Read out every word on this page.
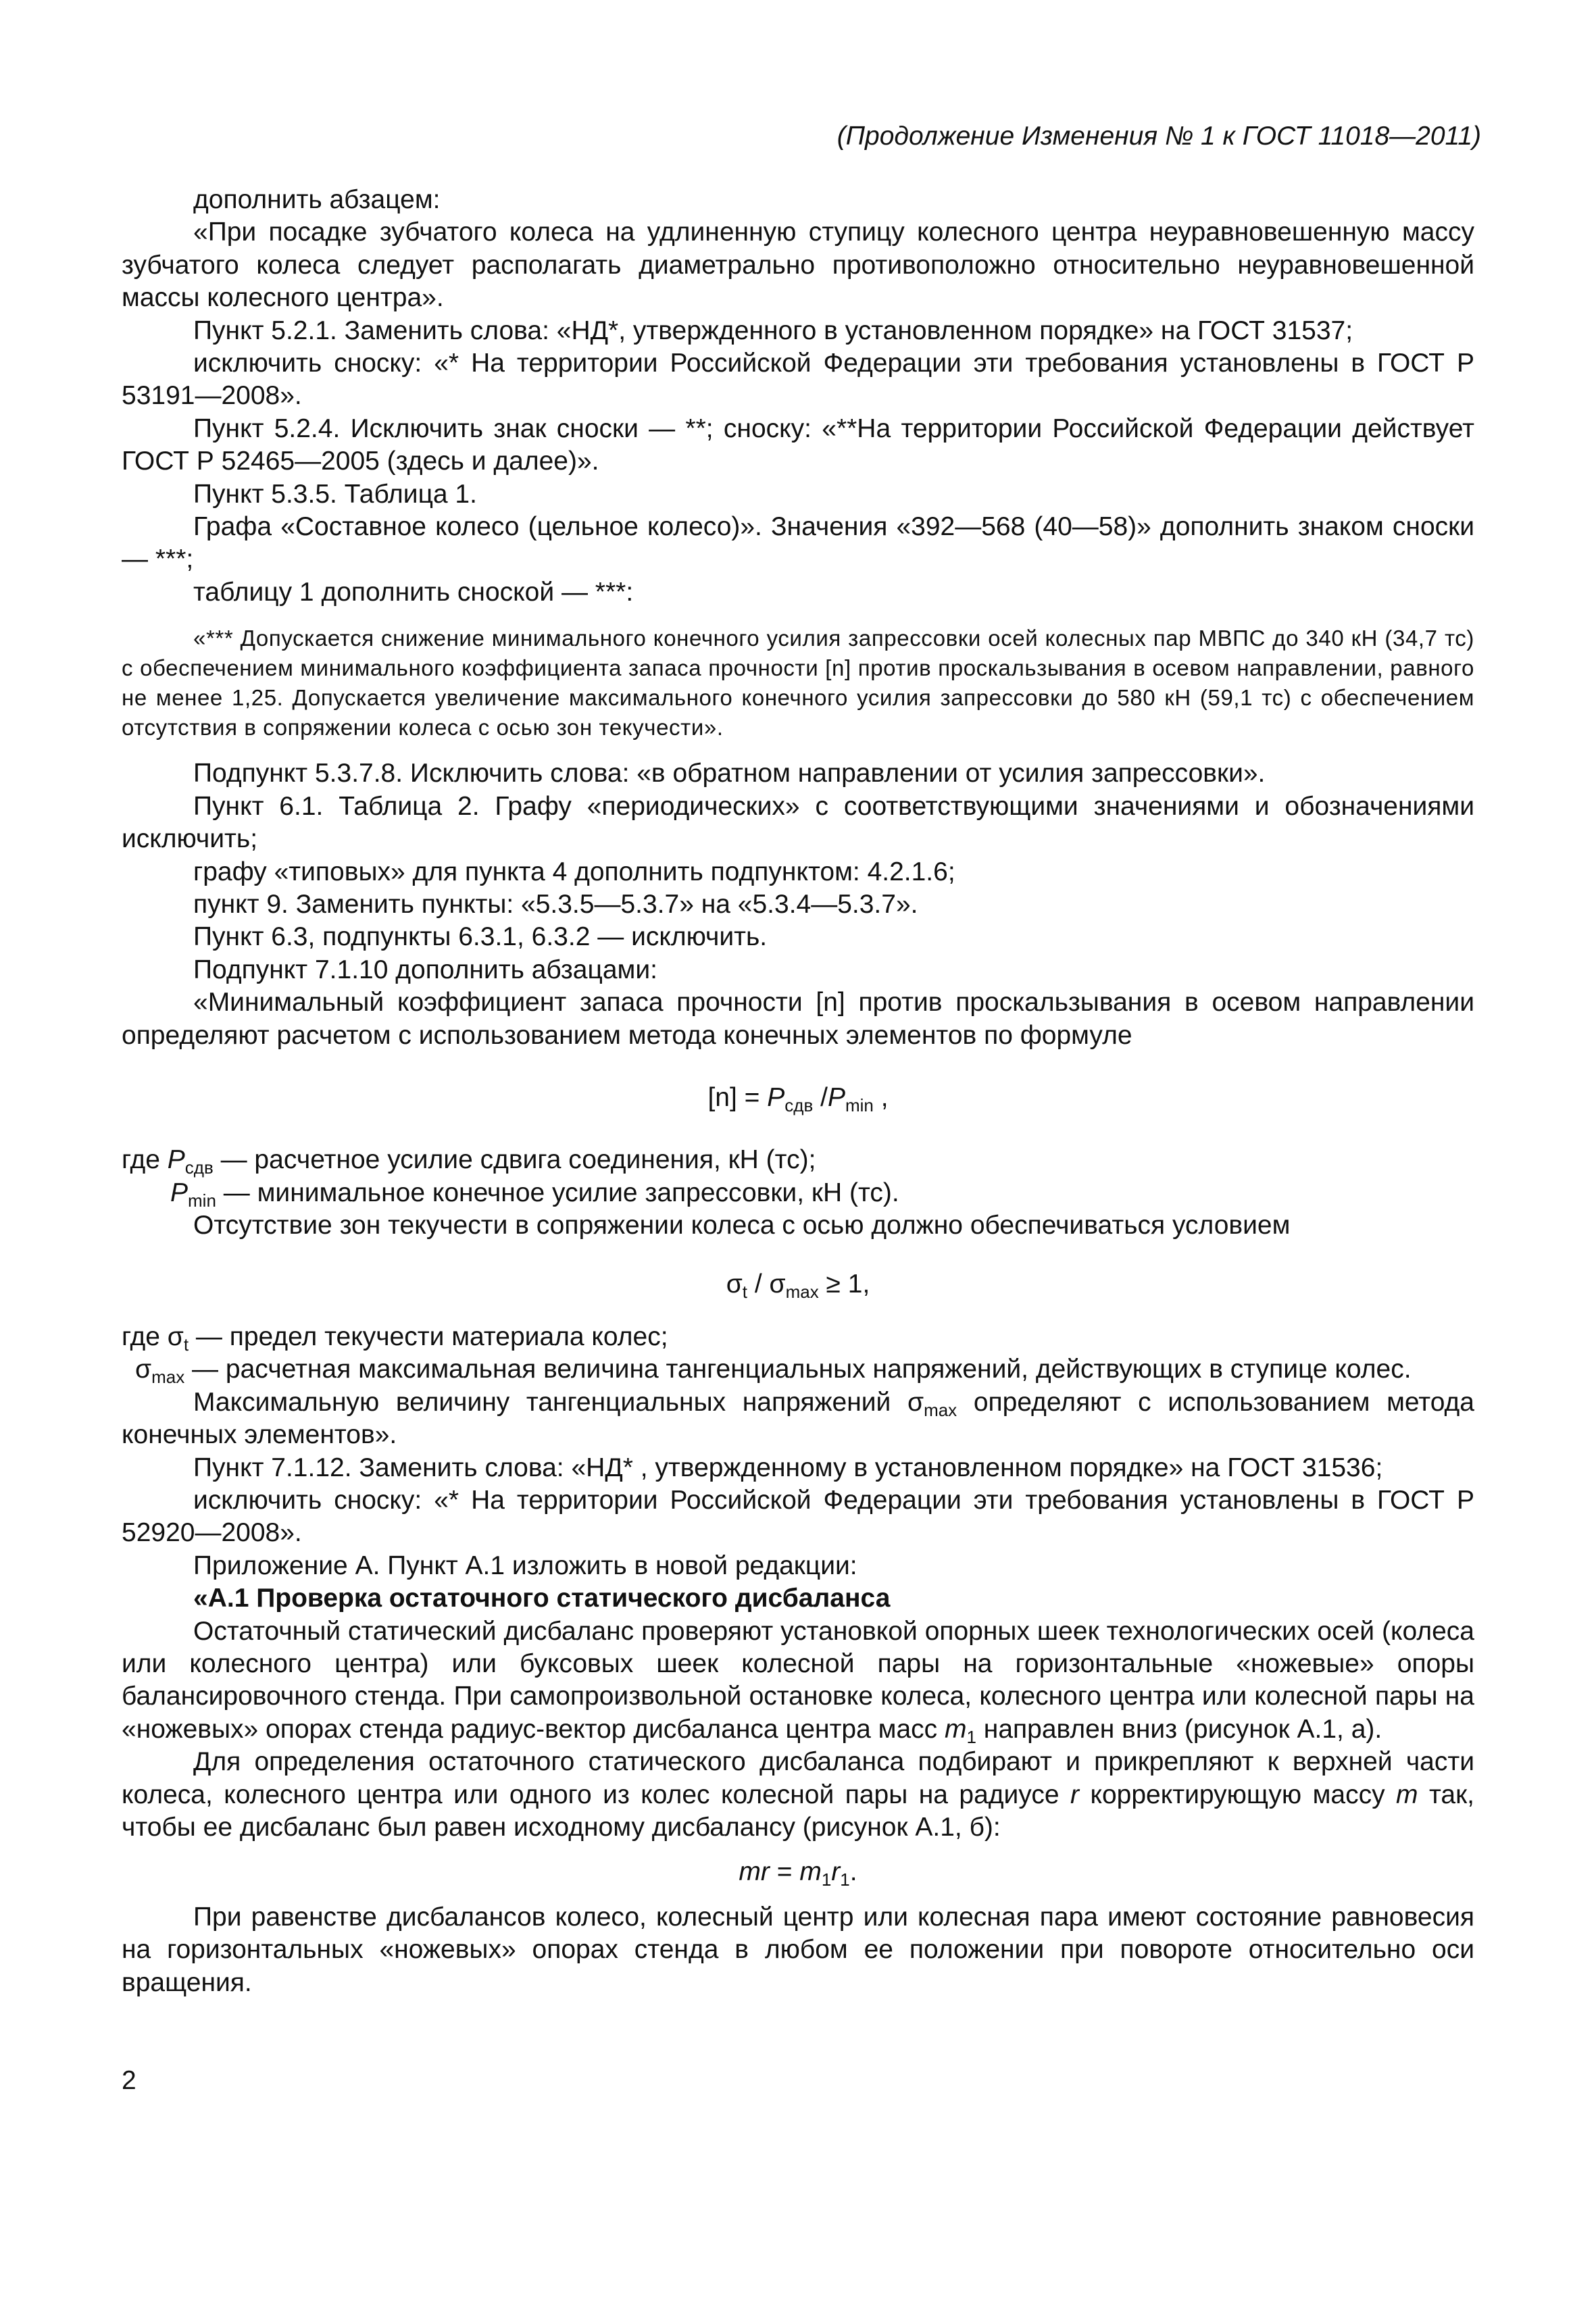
(Продолжение Изменения № 1 к ГОСТ 11018—2011)

дополнить абзацем:

«При посадке зубчатого колеса на удлиненную ступицу колесного центра неуравновешенную массу зубчатого колеса следует располагать диаметрально противоположно относительно неуравновешенной массы колесного центра».

Пункт 5.2.1. Заменить слова: «НД*, утвержденного в установленном порядке» на ГОСТ 31537;

исключить сноску: «* На территории Российской Федерации эти требования установлены в ГОСТ Р 53191—2008».

Пункт 5.2.4. Исключить знак сноски — **; сноску: «**На территории Российской Федерации действует ГОСТ Р 52465—2005 (здесь и далее)».

Пункт 5.3.5. Таблица 1.

Графа «Составное колесо (цельное колесо)». Значения «392—568 (40—58)» дополнить знаком сноски — ***;

таблицу 1 дополнить сноской — ***:

«*** Допускается снижение минимального конечного усилия запрессовки осей колесных пар МВПС до 340 кН (34,7 тс) с обеспечением минимального коэффициента запаса прочности [n] против проскальзывания в осевом направлении, равного не менее 1,25. Допускается увеличение максимального конечного усилия запрессовки до 580 кН (59,1 тс) с обеспечением отсутствия в сопряжении колеса с осью зон текучести».

Подпункт 5.3.7.8. Исключить слова: «в обратном направлении от усилия запрессовки».

Пункт 6.1. Таблица 2. Графу «периодических» с соответствующими значениями и обозначениями исключить;

графу «типовых» для пункта 4 дополнить подпунктом: 4.2.1.6;

пункт 9. Заменить пункты: «5.3.5—5.3.7» на «5.3.4—5.3.7».

Пункт 6.3, подпункты 6.3.1, 6.3.2 — исключить.

Подпункт 7.1.10 дополнить абзацами:

«Минимальный коэффициент запаса прочности [n] против проскальзывания в осевом направлении определяют расчетом с использованием метода конечных элементов по формуле

$[n] = P_{сдв}$ $/P_{min}$ ,

где $P_{сдв}$ — расчетное усилие сдвига соединения, кН (тс);

$P_{min}$ — минимальное конечное усилие запрессовки, кН (тс).

Отсутствие зон текучести в сопряжении колеса с осью должно обеспечиваться условием

$\sigma_t / \sigma_{max} \ge 1$,

где $\sigma_t$ — предел текучести материала колес;

$\sigma_{max}$ — расчетная максимальная величина тангенциальных напряжений, действующих в ступице колес.

Максимальную величину тангенциальных напряжений $\sigma_{max}$ определяют с использованием метода конечных элементов».

Пункт 7.1.12. Заменить слова: «НД* , утвержденному в установленном порядке» на ГОСТ 31536;

исключить сноску: «* На территории Российской Федерации эти требования установлены в ГОСТ Р 52920—2008».

Приложение А. Пункт А.1 изложить в новой редакции:

«А.1 Проверка остаточного статического дисбаланса

Остаточный статический дисбаланс проверяют установкой опорных шеек технологических осей (колеса или колесного центра) или буксовых шеек колесной пары на горизонтальные «ножевые» опоры балансировочного стенда. При самопроизвольной остановке колеса, колесного центра или колесной пары на «ножевых» опорах стенда радиус-вектор дисбаланса центра масс $m_1$ направлен вниз (рисунок А.1, а).

Для определения остаточного статического дисбаланса подбирают и прикрепляют к верхней части колеса, колесного центра или одного из колес колесной пары на радиусе r корректирующую массу m так, чтобы ее дисбаланс был равен исходному дисбалансу (рисунок А.1, б):

mr = $m_1r_1$.

При равенстве дисбалансов колесо, колесный центр или колесная пара имеют состояние равновесия на горизонтальных «ножевых» опорах стенда в любом ее положении при повороте относительно оси вращения.

2
